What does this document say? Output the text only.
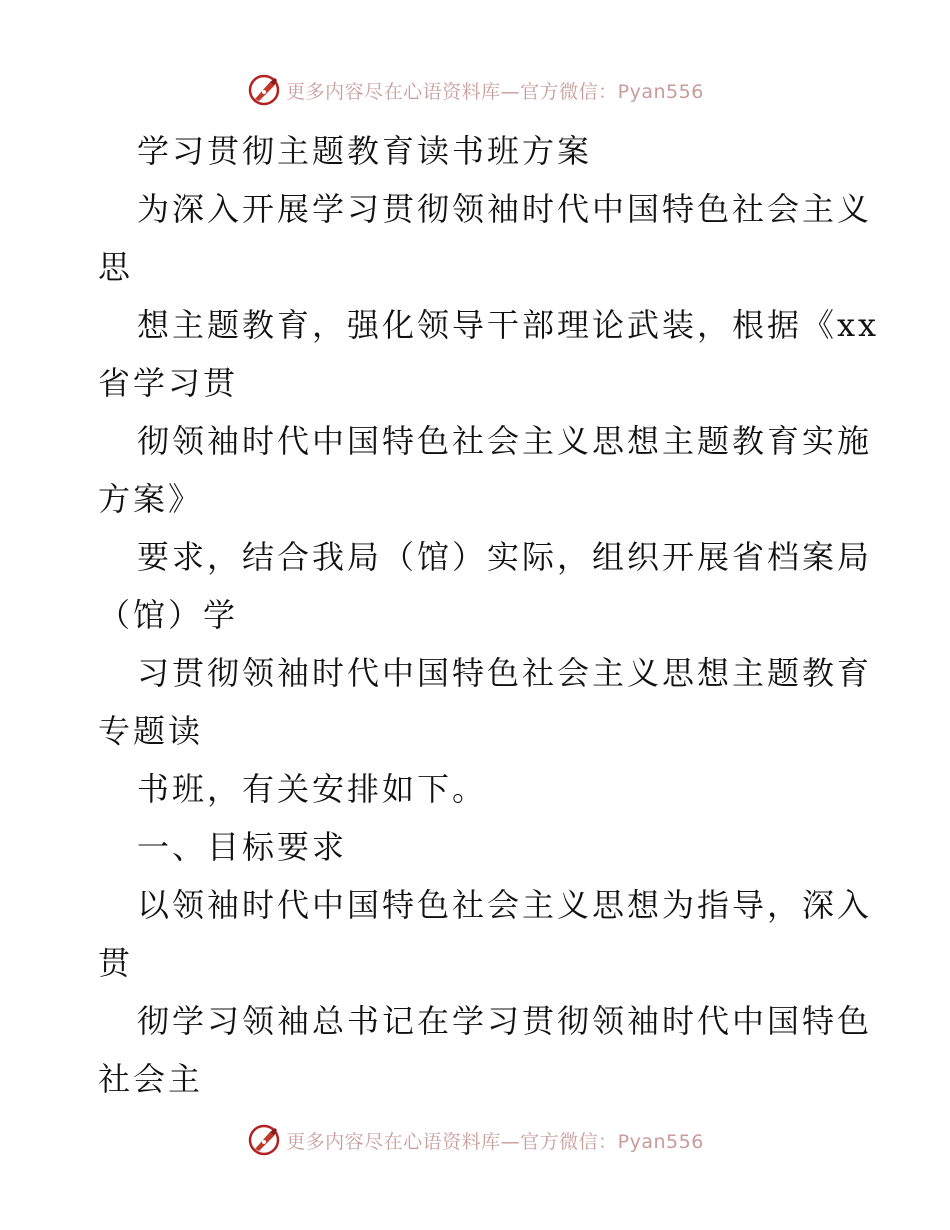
更多内容尽在心语资料库—官方微信：Pyan556
学习贯彻主题教育读书班方案
为深入开展学习贯彻领袖时代中国特色社会主义
思
想主题教育，强化领导干部理论武装，根据《xx
省学习贯
彻领袖时代中国特色社会主义思想主题教育实施
方案》
要求，结合我局（馆）实际，组织开展省档案局
（馆）学
习贯彻领袖时代中国特色社会主义思想主题教育
专题读
书班，有关安排如下。
一、目标要求
以领袖时代中国特色社会主义思想为指导，深入
贯
彻学习领袖总书记在学习贯彻领袖时代中国特色
社会主
更多内容尽在心语资料库—官方微信：Pyan556
